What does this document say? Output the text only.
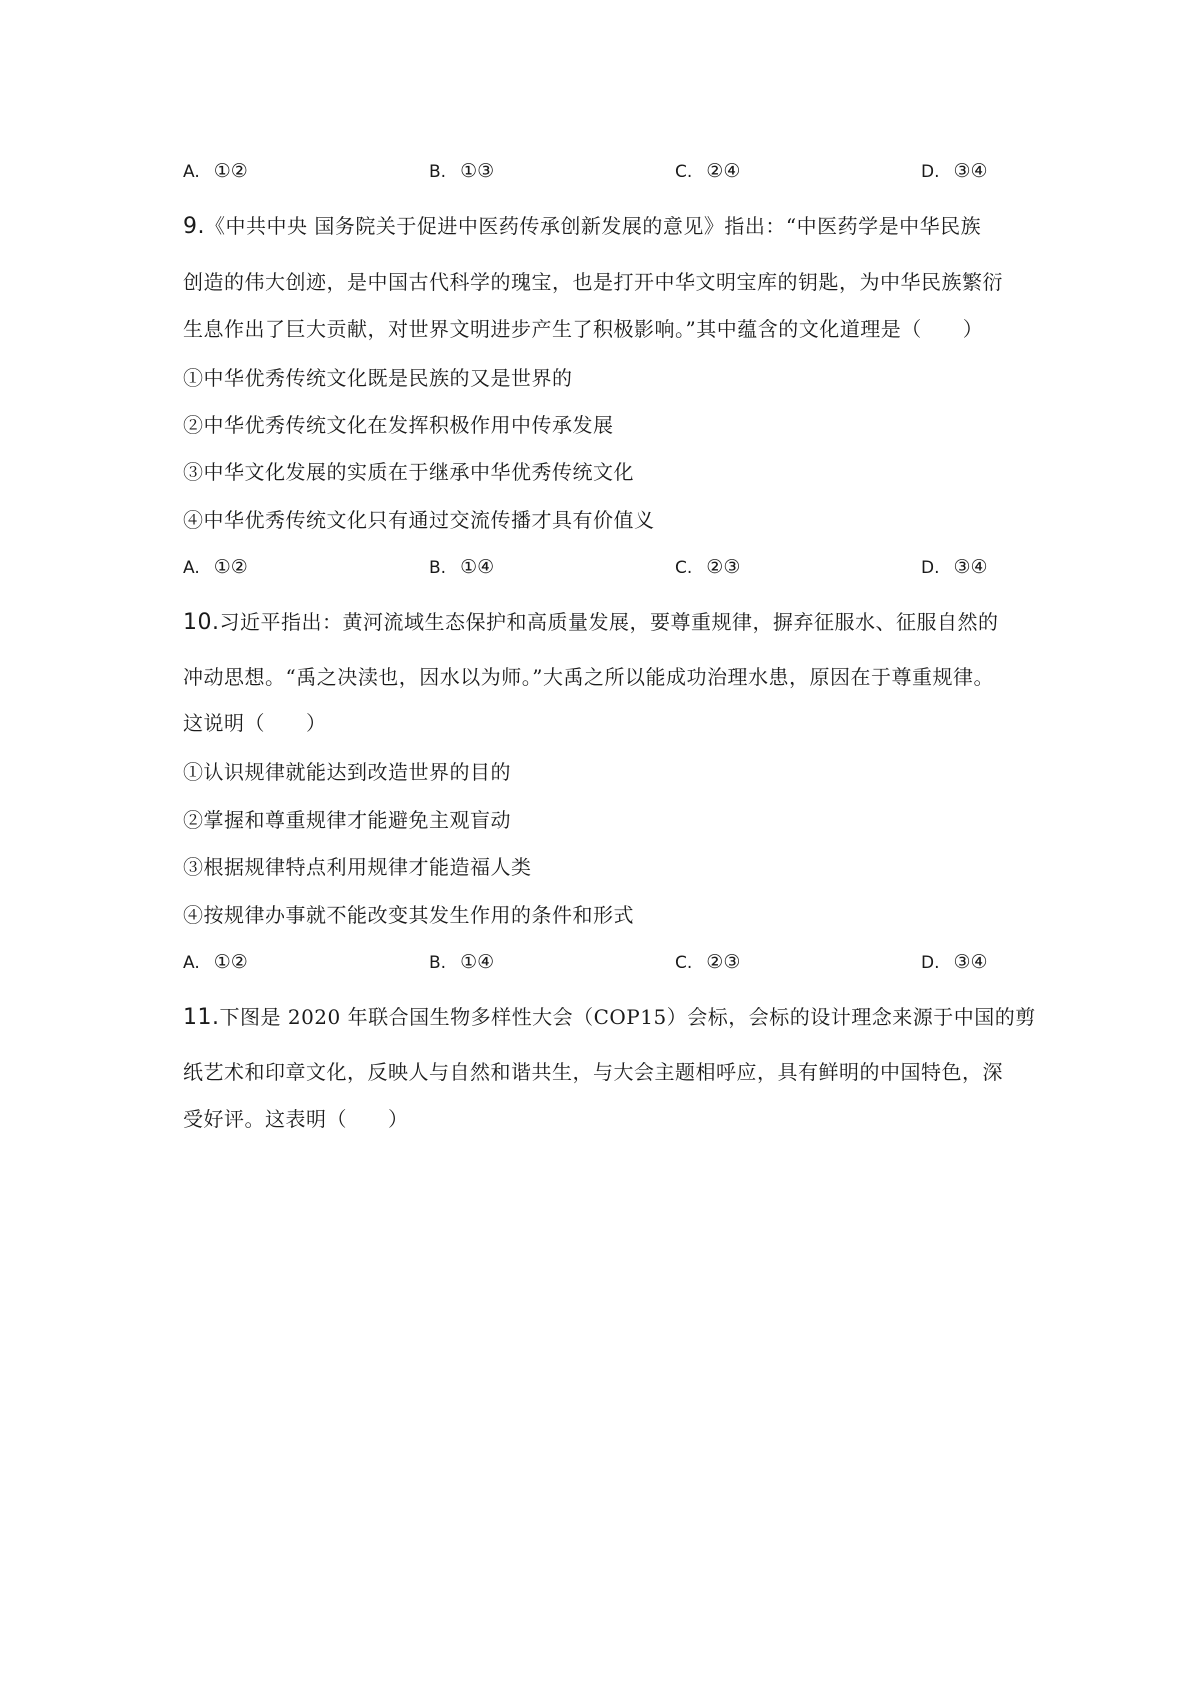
A. ①②	B. ①③	C. ②④	D. ③④
9.《中共中央 国务院关于促进中医药传承创新发展的意见》指出：“中医药学是中华民族
创造的伟大创迹，是中国古代科学的瑰宝，也是打开中华文明宝库的钥匙，为中华民族繁衍
生息作出了巨大贡献，对世界文明进步产生了积极影响。”其中蕴含的文化道理是（　　）
①中华优秀传统文化既是民族的又是世界的
②中华优秀传统文化在发挥积极作用中传承发展
③中华文化发展的实质在于继承中华优秀传统文化
④中华优秀传统文化只有通过交流传播才具有价值义
A. ①②	B. ①④	C. ②③	D. ③④
10.习近平指出：黄河流域生态保护和高质量发展，要尊重规律，摒弃征服水、征服自然的
冲动思想。“禹之决渎也，因水以为师。”大禹之所以能成功治理水患，原因在于尊重规律。
这说明（　　）
①认识规律就能达到改造世界的目的
②掌握和尊重规律才能避免主观盲动
③根据规律特点利用规律才能造福人类
④按规律办事就不能改变其发生作用的条件和形式
A. ①②	B. ①④	C. ②③	D. ③④
11.下图是 2020 年联合国生物多样性大会（COP15）会标，会标的设计理念来源于中国的剪
纸艺术和印章文化，反映人与自然和谐共生，与大会主题相呼应，具有鲜明的中国特色，深
受好评。这表明（　　）
